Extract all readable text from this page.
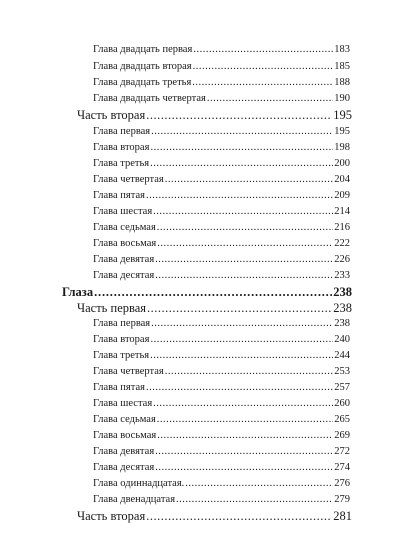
Глава двадцать первая .....	183
Глава двадцать вторая .....	185
Глава двадцать третья .....	188
Глава двадцать четвертая .....	190
Часть вторая .....	195
Глава первая .....	195
Глава вторая .....	198
Глава третья .....	200
Глава четвертая .....	204
Глава пятая .....	209
Глава шестая .....	214
Глава седьмая .....	216
Глава восьмая .....	222
Глава девятая .....	226
Глава десятая .....	233
Глаза .....	238
Часть первая .....	238
Глава первая .....	238
Глава вторая .....	240
Глава третья .....	244
Глава четвертая .....	253
Глава пятая .....	257
Глава шестая .....	260
Глава седьмая .....	265
Глава восьмая .....	269
Глава девятая .....	272
Глава десятая .....	274
Глава одиннадцатая. .....	276
Глава двенадцатая .....	279
Часть вторая .....	281
